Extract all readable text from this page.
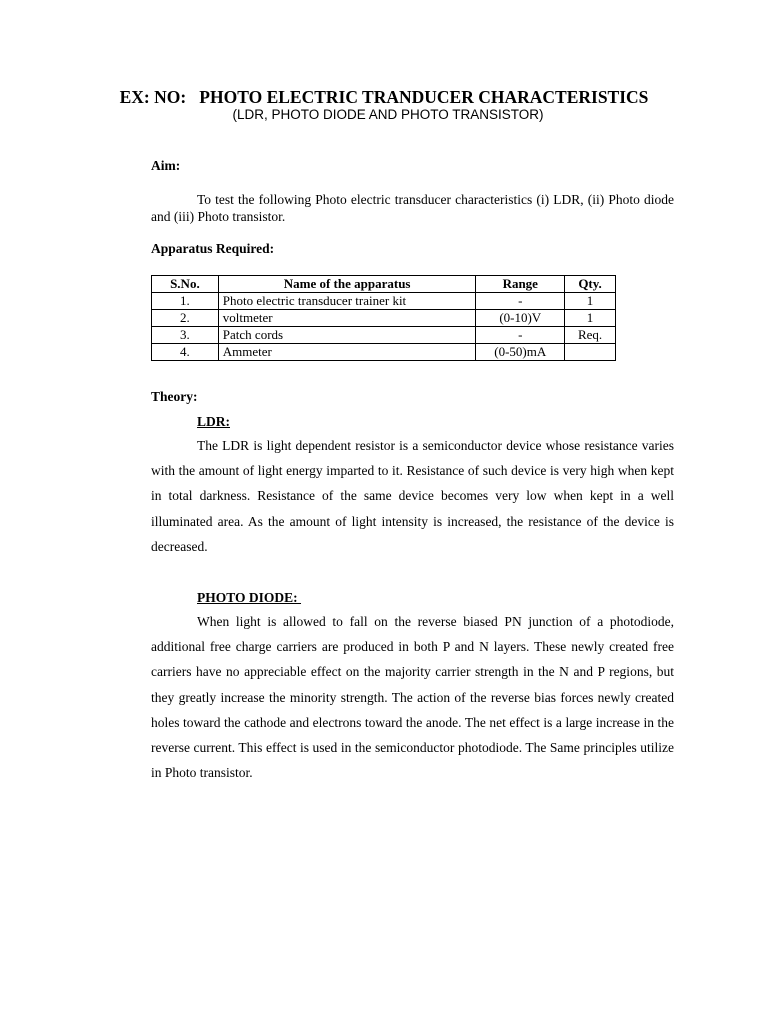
EX: NO:   PHOTO ELECTRIC TRANDUCER CHARACTERISTICS
(LDR, PHOTO DIODE AND PHOTO TRANSISTOR)
Aim:
To test the following Photo electric transducer characteristics (i) LDR, (ii) Photo diode and (iii) Photo transistor.
Apparatus Required:
S.No.	Name of the apparatus	Range	Qty.
1.	Photo electric transducer trainer kit	-	1
2.	voltmeter	(0-10)V	1
3.	Patch cords	-	Req.
4.	Ammeter	(0-50)mA	
Theory:
LDR:
The LDR is light dependent resistor is a semiconductor device whose resistance varies with the amount of light energy imparted to it. Resistance of such device is very high when kept in total darkness. Resistance of the same device becomes very low when kept in a well illuminated area. As the amount of light intensity is increased, the resistance of the device is decreased.
PHOTO DIODE:
When light is allowed to fall on the reverse biased PN junction of a photodiode, additional free charge carriers are produced in both P and N layers. These newly created free carriers have no appreciable effect on the majority carrier strength in the N and P regions, but they greatly increase the minority strength. The action of the reverse bias forces newly created holes toward the cathode and electrons toward the anode. The net effect is a large increase in the reverse current. This effect is used in the semiconductor photodiode. The Same principles utilize in Photo transistor.
